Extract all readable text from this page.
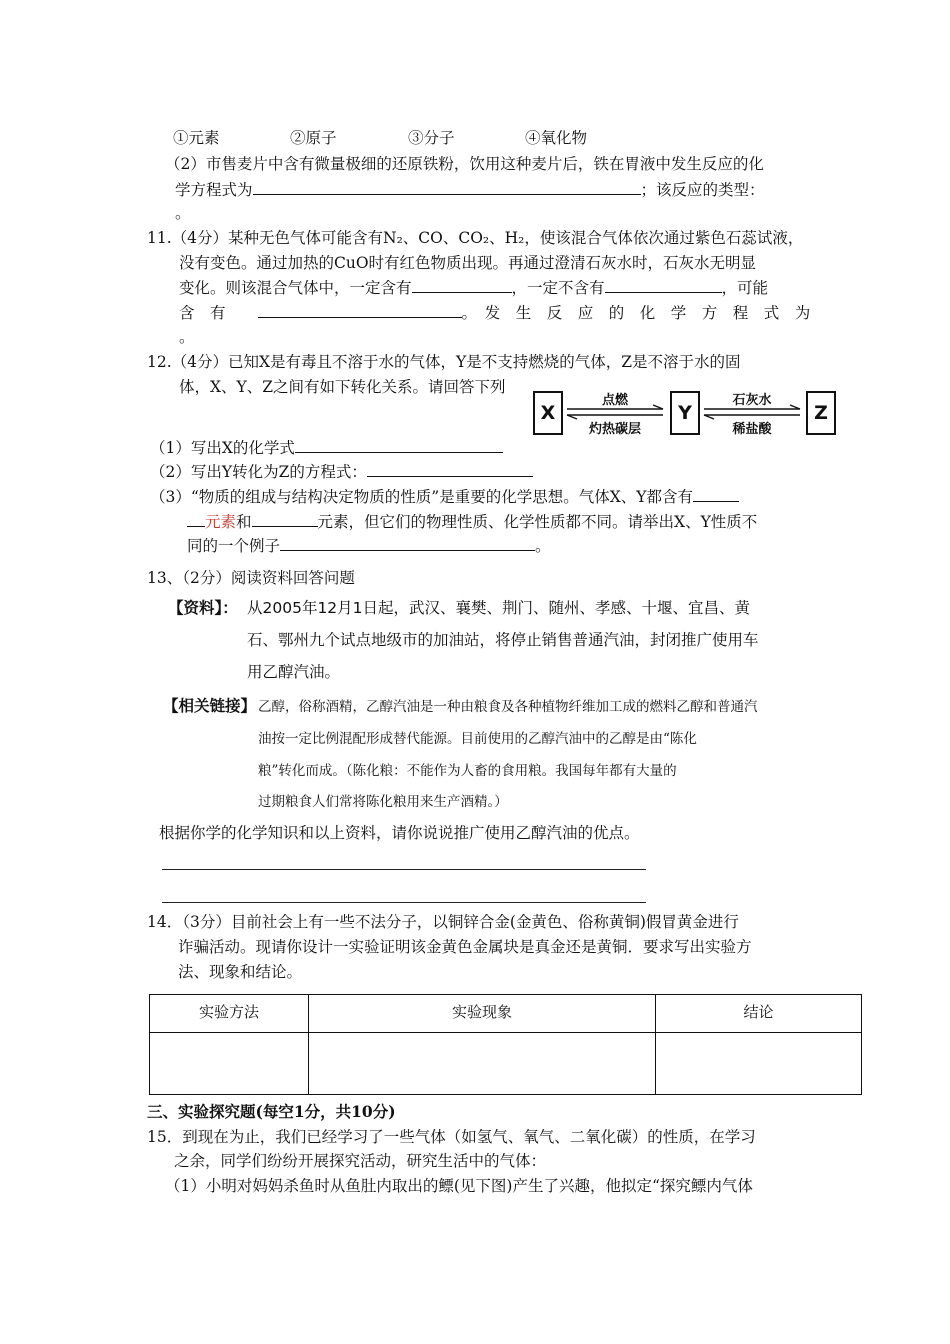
①元素	②原子	③分子	④氧化物
（2）市售麦片中含有微量极细的还原铁粉，饮用这种麦片后，铁在胃液中发生反应的化
学方程式为	；该反应的类型：
。
11.（4分）某种无色气体可能含有N₂、CO、CO₂、H₂，使该混合气体依次通过紫色石蕊试液，
没有变色。通过加热的CuO时有红色物质出现。再通过澄清石灰水时，石灰水无明显
变化。则该混合气体中，一定含有	，一定不含有	，可能
含　有	。　发　生　反　应　的　化　学　方　程　式　为
。
12.（4分）已知X是有毒且不溶于水的气体，Y是不支持燃烧的气体，Z是不溶于水的固
体，X、Y、Z之间有如下转化关系。请回答下列
X	Y	Z
点燃
灼热碳层
石灰水
稀盐酸
（1）写出X的化学式
（2）写出Y转化为Z的方程式：
（3）“物质的组成与结构决定物质的性质”是重要的化学思想。气体X、Y都含有
元素和	元素，但它们的物理性质、化学性质都不同。请举出X、Y性质不
同的一个例子	。
13、（2分）阅读资料回答问题
【资料】： 从2005年12月1日起，武汉、襄樊、荆门、随州、孝感、十堰、宜昌、黄
石、鄂州九个试点地级市的加油站，将停止销售普通汽油，封闭推广使用车
用乙醇汽油。
【相关链接】 乙醇，俗称酒精，乙醇汽油是一种由粮食及各种植物纤维加工成的燃料乙醇和普通汽
油按一定比例混配形成替代能源。目前使用的乙醇汽油中的乙醇是由“陈化
粮”转化而成。（陈化粮：不能作为人畜的食用粮。我国每年都有大量的
过期粮食人们常将陈化粮用来生产酒精。）
根据你学的化学知识和以上资料，请你说说推广使用乙醇汽油的优点。
14．（3分）目前社会上有一些不法分子，以铜锌合金(金黄色、俗称黄铜)假冒黄金进行
诈骗活动。现请你设计一实验证明该金黄色金属块是真金还是黄铜．要求写出实验方
法、现象和结论。
实验方法	实验现象	结论

三、实验探究题(每空1分，共10分)
15．到现在为止，我们已经学习了一些气体（如氢气、氧气、二氧化碳）的性质，在学习
之余，同学们纷纷开展探究活动，研究生活中的气体：
（1）小明对妈妈杀鱼时从鱼肚内取出的鳔(见下图)产生了兴趣，他拟定“探究鳔内气体
